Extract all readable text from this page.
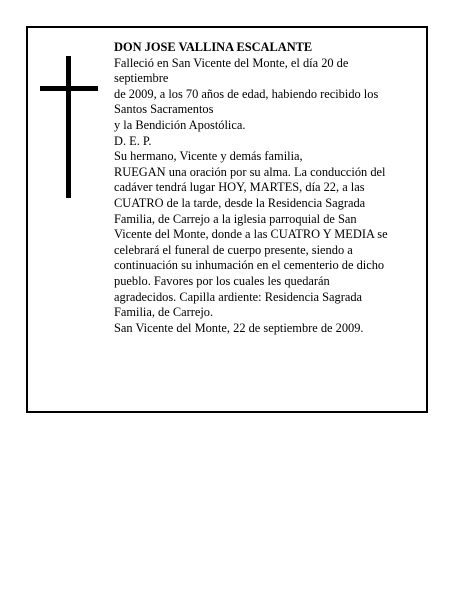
DON JOSE VALLINA ESCALANTE
Falleció en San Vicente del Monte, el día 20 de
septiembre
de 2009, a los 70 años de edad, habiendo recibido los
Santos Sacramentos
y la Bendición Apostólica.
D. E. P.
Su hermano, Vicente y demás familia,
RUEGAN una oración por su alma. La conducción del
cadáver tendrá lugar HOY, MARTES, día 22, a las
CUATRO de la tarde, desde la Residencia Sagrada
Familia, de Carrejo a la iglesia parroquial de San
Vicente del Monte, donde a las CUATRO Y MEDIA se
celebrará el funeral de cuerpo presente, siendo a
continuación su inhumación en el cementerio de dicho
pueblo. Favores por los cuales les quedarán
agradecidos. Capilla ardiente: Residencia Sagrada
Familia, de Carrejo.
San Vicente del Monte, 22 de septiembre de 2009.
